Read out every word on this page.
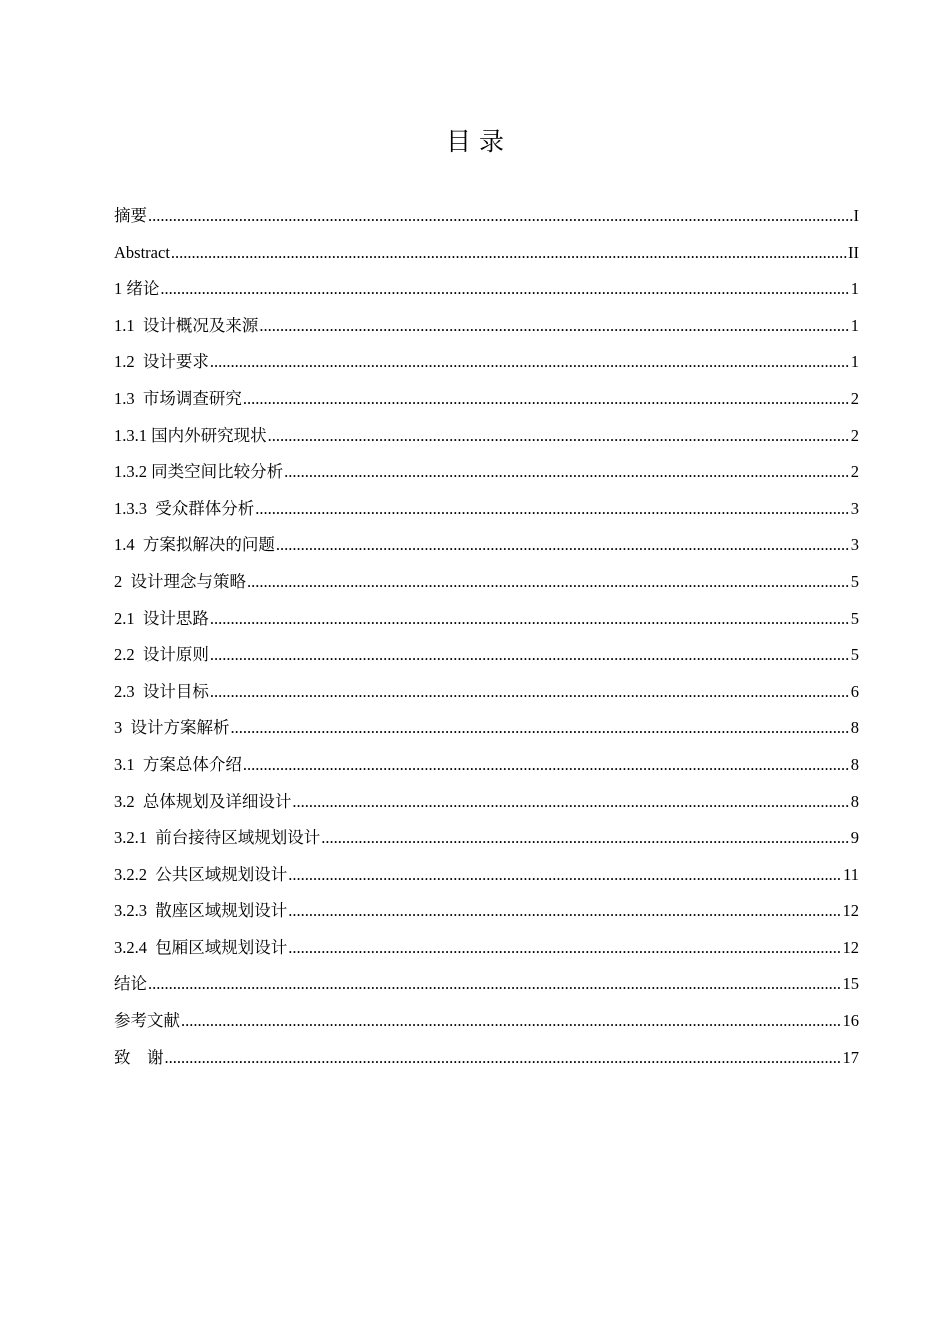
目 录
摘要 .....	I
Abstract .....	II
1 绪论 .....	1
1.1  设计概况及来源 .....	1
1.2  设计要求 .....	1
1.3  市场调查研究 .....	2
1.3.1 国内外研究现状 .....	2
1.3.2 同类空间比较分析 .....	2
1.3.3  受众群体分析 .....	3
1.4  方案拟解决的问题 .....	3
2  设计理念与策略 .....	5
2.1  设计思路 .....	5
2.2  设计原则 .....	5
2.3  设计目标 .....	6
3  设计方案解析 .....	8
3.1  方案总体介绍 .....	8
3.2  总体规划及详细设计 .....	8
3.2.1  前台接待区域规划设计 .....	9
3.2.2  公共区域规划设计 .....	11
3.2.3  散座区域规划设计 .....	12
3.2.4  包厢区域规划设计 .....	12
结论 .....	15
参考文献 .....	16
致    谢 .....	17
